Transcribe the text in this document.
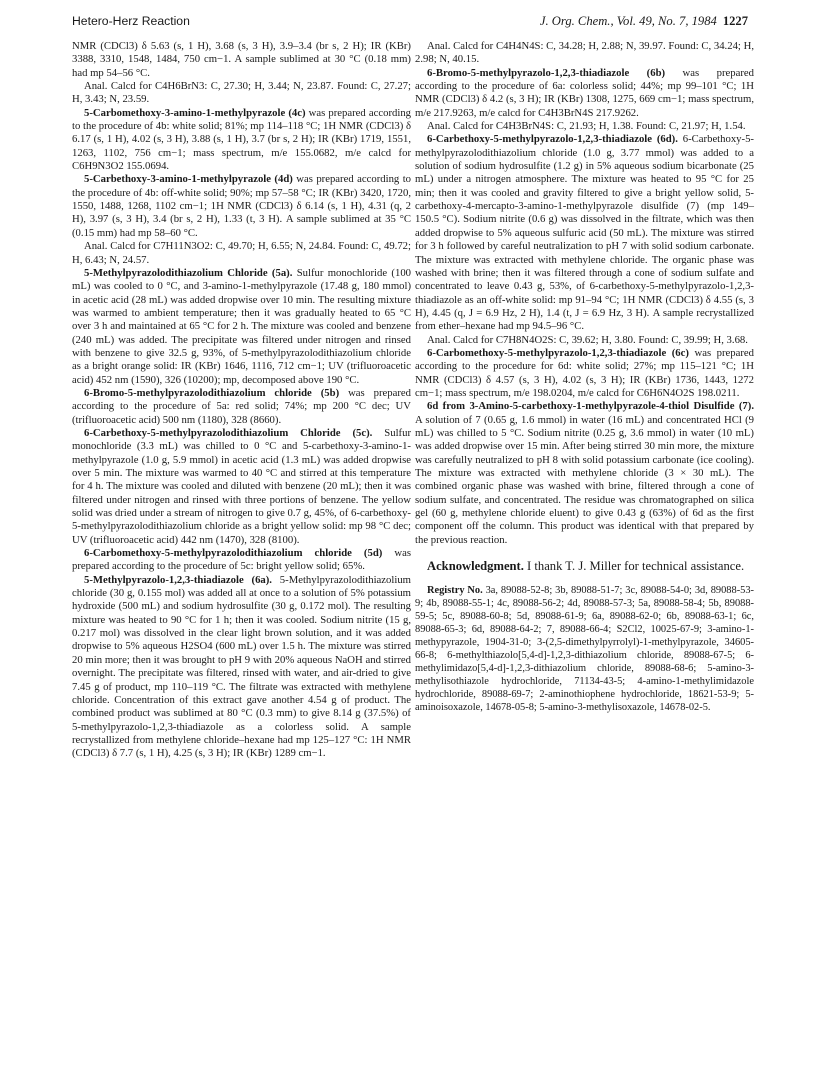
Hetero-Herz Reaction	J. Org. Chem., Vol. 49, No. 7, 1984 1227

NMR (CDCl3) δ 5.63 (s, 1 H), 3.68 (s, 3 H), 3.9–3.4 (br s, 2 H); IR (KBr) 3388, 3310, 1548, 1484, 750 cm−1. A sample sublimed at 30 °C (0.18 mm) had mp 54–56 °C.

Anal. Calcd for C4H6BrN3: C, 27.30; H, 3.44; N, 23.87. Found: C, 27.27; H, 3.43; N, 23.59.

5-Carbomethoxy-3-amino-1-methylpyrazole (4c) was prepared according to the procedure of 4b: white solid; 81%; mp 114–118 °C; 1H NMR (CDCl3) δ 6.17 (s, 1 H), 4.02 (s, 3 H), 3.88 (s, 1 H), 3.7 (br s, 2 H); IR (KBr) 1719, 1551, 1263, 1102, 756 cm−1; mass spectrum, m/e 155.0682, m/e calcd for C6H9N3O2 155.0694.

5-Carbethoxy-3-amino-1-methylpyrazole (4d) was prepared according to the procedure of 4b: off-white solid; 90%; mp 57–58 °C; IR (KBr) 3420, 1720, 1550, 1488, 1268, 1102 cm−1; 1H NMR (CDCl3) δ 6.14 (s, 1 H), 4.31 (q, 2 H), 3.97 (s, 3 H), 3.4 (br s, 2 H), 1.33 (t, 3 H). A sample sublimed at 35 °C (0.15 mm) had mp 58–60 °C.

Anal. Calcd for C7H11N3O2: C, 49.70; H, 6.55; N, 24.84. Found: C, 49.72; H, 6.43; N, 24.57.

5-Methylpyrazolodithiazolium Chloride (5a). Sulfur monochloride (100 mL) was cooled to 0 °C, and 3-amino-1-methylpyrazole (17.48 g, 180 mmol) in acetic acid (28 mL) was added dropwise over 10 min. The resulting mixture was warmed to ambient temperature; then it was gradually heated to 65 °C over 3 h and maintained at 65 °C for 2 h. The mixture was cooled and benzene (240 mL) was added. The precipitate was filtered under nitrogen and rinsed with benzene to give 32.5 g, 93%, of 5-methylpyrazolodithiazolium chloride as a bright orange solid: IR (KBr) 1646, 1116, 712 cm−1; UV (trifluoroacetic acid) 452 nm (1590), 326 (10200); mp, decomposed above 190 °C.

6-Bromo-5-methylpyrazolodithiazolium chloride (5b) was prepared according to the procedure of 5a: red solid; 74%; mp 200 °C dec; UV (trifluoroacetic acid) 500 nm (1180), 328 (8660).

6-Carbethoxy-5-methylpyrazolodithiazolium Chloride (5c). Sulfur monochloride (3.3 mL) was chilled to 0 °C and 5-carbethoxy-3-amino-1-methylpyrazole (1.0 g, 5.9 mmol) in acetic acid (1.3 mL) was added dropwise over 5 min. The mixture was warmed to 40 °C and stirred at this temperature for 4 h. The mixture was cooled and diluted with benzene (20 mL); then it was filtered under nitrogen and rinsed with three portions of benzene. The yellow solid was dried under a stream of nitrogen to give 0.7 g, 45%, of 6-carbethoxy-5-methylpyrazolodithiazolium chloride as a bright yellow solid: mp 98 °C dec; UV (trifluoroacetic acid) 442 nm (1470), 328 (8100).

6-Carbomethoxy-5-methylpyrazolodithiazolium chloride (5d) was prepared according to the procedure of 5c: bright yellow solid; 65%.

5-Methylpyrazolo-1,2,3-thiadiazole (6a). 5-Methylpyrazolodithiazolium chloride (30 g, 0.155 mol) was added all at once to a solution of 5% potassium hydroxide (500 mL) and sodium hydrosulfite (30 g, 0.172 mol). The resulting mixture was heated to 90 °C for 1 h; then it was cooled. Sodium nitrite (15 g, 0.217 mol) was dissolved in the clear light brown solution, and it was added dropwise to 5% aqueous H2SO4 (600 mL) over 1.5 h. The mixture was stirred 20 min more; then it was brought to pH 9 with 20% aqueous NaOH and stirred overnight. The precipitate was filtered, rinsed with water, and air-dried to give 7.45 g of product, mp 110–119 °C. The filtrate was extracted with methylene chloride. Concentration of this extract gave another 4.54 g of product. The combined product was sublimed at 80 °C (0.3 mm) to give 8.14 g (37.5%) of 5-methylpyrazolo-1,2,3-thiadiazole as a colorless solid. A sample recrystallized from methylene chloride–hexane had mp 125–127 °C: 1H NMR (CDCl3) δ 7.7 (s, 1 H), 4.25 (s, 3 H); IR (KBr) 1289 cm−1.

Anal. Calcd for C4H4N4S: C, 34.28; H, 2.88; N, 39.97. Found: C, 34.24; H, 2.98; N, 40.15.

6-Bromo-5-methylpyrazolo-1,2,3-thiadiazole (6b) was prepared according to the procedure of 6a: colorless solid; 44%; mp 99–101 °C; 1H NMR (CDCl3) δ 4.2 (s, 3 H); IR (KBr) 1308, 1275, 669 cm−1; mass spectrum, m/e 217.9263, m/e calcd for C4H3BrN4S 217.9262.

Anal. Calcd for C4H3BrN4S: C, 21.93; H, 1.38. Found: C, 21.97; H, 1.54.

6-Carbethoxy-5-methylpyrazolo-1,2,3-thiadiazole (6d). 6-Carbethoxy-5-methylpyrazolodithiazolium chloride (1.0 g, 3.77 mmol) was added to a solution of sodium hydrosulfite (1.2 g) in 5% aqueous sodium bicarbonate (25 mL) under a nitrogen atmosphere. The mixture was heated to 95 °C for 25 min; then it was cooled and gravity filtered to give a bright yellow solid, 5-carbethoxy-4-mercapto-3-amino-1-methylpyrazole disulfide (7) (mp 149–150.5 °C). Sodium nitrite (0.6 g) was dissolved in the filtrate, which was then added dropwise to 5% aqueous sulfuric acid (50 mL). The mixture was stirred for 3 h followed by careful neutralization to pH 7 with solid sodium carbonate. The mixture was extracted with methylene chloride. The organic phase was washed with brine; then it was filtered through a cone of sodium sulfate and concentrated to leave 0.43 g, 53%, of 6-carbethoxy-5-methylpyrazolo-1,2,3-thiadiazole as an off-white solid: mp 91–94 °C; 1H NMR (CDCl3) δ 4.55 (s, 3 H), 4.45 (q, J = 6.9 Hz, 2 H), 1.4 (t, J = 6.9 Hz, 3 H). A sample recrystallized from ether–hexane had mp 94.5–96 °C.

Anal. Calcd for C7H8N4O2S: C, 39.62; H, 3.80. Found: C, 39.99; H, 3.68.

6-Carbomethoxy-5-methylpyrazolo-1,2,3-thiadiazole (6c) was prepared according to the procedure for 6d: white solid; 27%; mp 115–121 °C; 1H NMR (CDCl3) δ 4.57 (s, 3 H), 4.02 (s, 3 H); IR (KBr) 1736, 1443, 1272 cm−1; mass spectrum, m/e 198.0204, m/e calcd for C6H6N4O2S 198.0211.

6d from 3-Amino-5-carbethoxy-1-methylpyrazole-4-thiol Disulfide (7). A solution of 7 (0.65 g, 1.6 mmol) in water (16 mL) and concentrated HCl (9 mL) was chilled to 5 °C. Sodium nitrite (0.25 g, 3.6 mmol) in water (10 mL) was added dropwise over 15 min. After being stirred 30 min more, the mixture was carefully neutralized to pH 8 with solid potassium carbonate (ice cooling). The mixture was extracted with methylene chloride (3 × 30 mL). The combined organic phase was washed with brine, filtered through a cone of sodium sulfate, and concentrated. The residue was chromatographed on silica gel (60 g, methylene chloride eluent) to give 0.43 g (63%) of 6d as the first component off the column. This product was identical with that prepared by the previous reaction.

Acknowledgment. I thank T. J. Miller for technical assistance.

Registry No. 3a, 89088-52-8; 3b, 89088-51-7; 3c, 89088-54-0; 3d, 89088-53-9; 4b, 89088-55-1; 4c, 89088-56-2; 4d, 89088-57-3; 5a, 89088-58-4; 5b, 89088-59-5; 5c, 89088-60-8; 5d, 89088-61-9; 6a, 89088-62-0; 6b, 89088-63-1; 6c, 89088-65-3; 6d, 89088-64-2; 7, 89088-66-4; S2Cl2, 10025-67-9; 3-amino-1-methypyrazole, 1904-31-0; 3-(2,5-dimethylpyrrolyl)-1-methylpyrazole, 34605-66-8; 6-methylthiazolo[5,4-d]-1,2,3-dithiazolium chloride, 89088-67-5; 6-methylimidazo[5,4-d]-1,2,3-dithiazolium chloride, 89088-68-6; 5-amino-3-methylisothiazole hydrochloride, 71134-43-5; 4-amino-1-methylimidazole hydrochloride, 89088-69-7; 2-aminothiophene hydrochloride, 18621-53-9; 5-aminoisoxazole, 14678-05-8; 5-amino-3-methylisoxazole, 14678-02-5.
